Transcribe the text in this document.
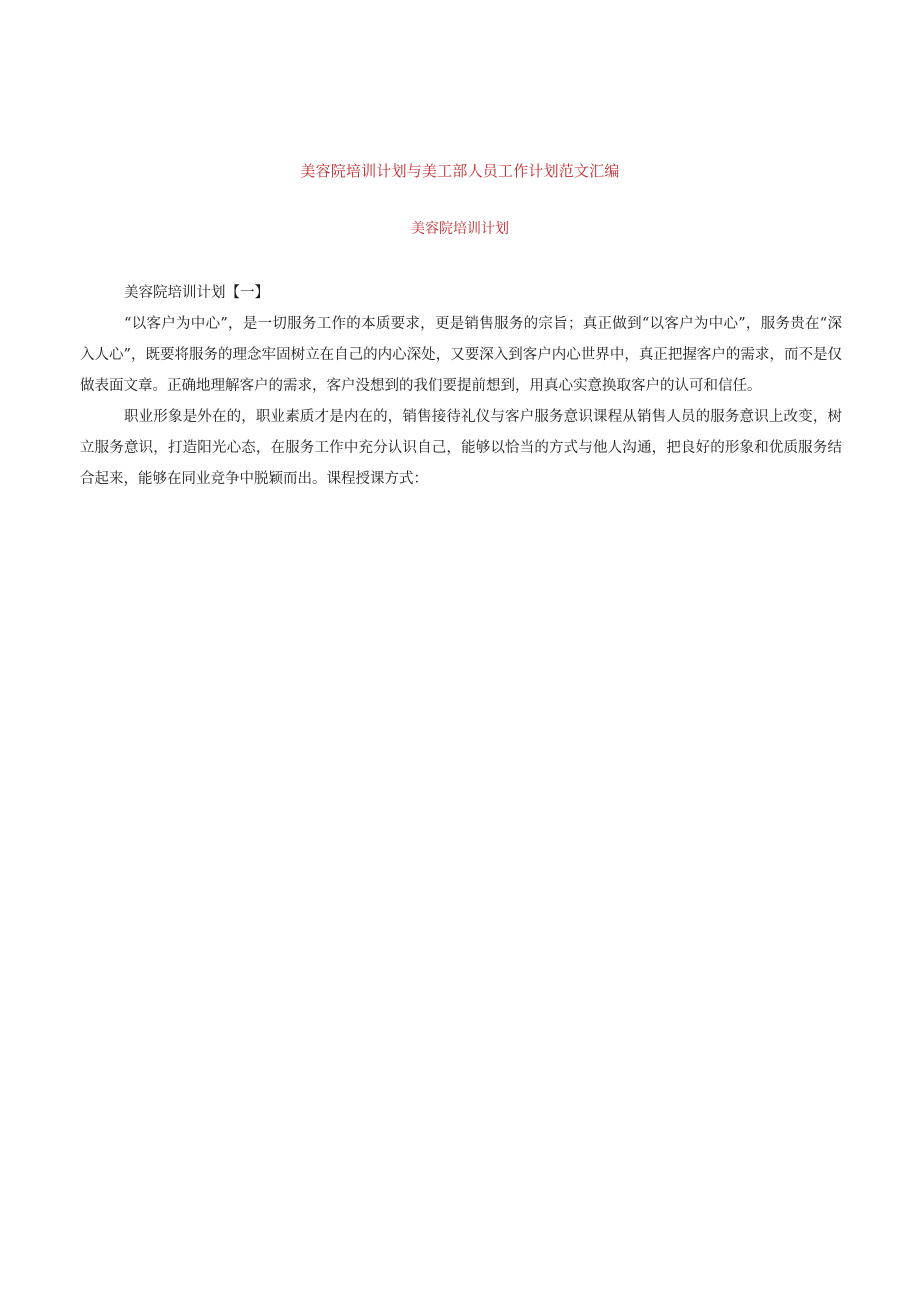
美容院培训计划与美工部人员工作计划范文汇编
美容院培训计划

美容院培训计划【一】

“以客户为中心”，是一切服务工作的本质要求，更是销售服务的宗旨；真正做到“以客户为中心”，服务贵在“深入人心”，既要将服务的理念牢固树立在自己的内心深处，又要深入到客户内心世界中，真正把握客户的需求，而不是仅做表面文章。正确地理解客户的需求，客户没想到的我们要提前想到，用真心实意换取客户的认可和信任。

职业形象是外在的，职业素质才是内在的，销售接待礼仪与客户服务意识课程从销售人员的服务意识上改变，树立服务意识，打造阳光心态，在服务工作中充分认识自己，能够以恰当的方式与他人沟通，把良好的形象和优质服务结合起来，能够在同业竞争中脱颖而出。课程授课方式：
